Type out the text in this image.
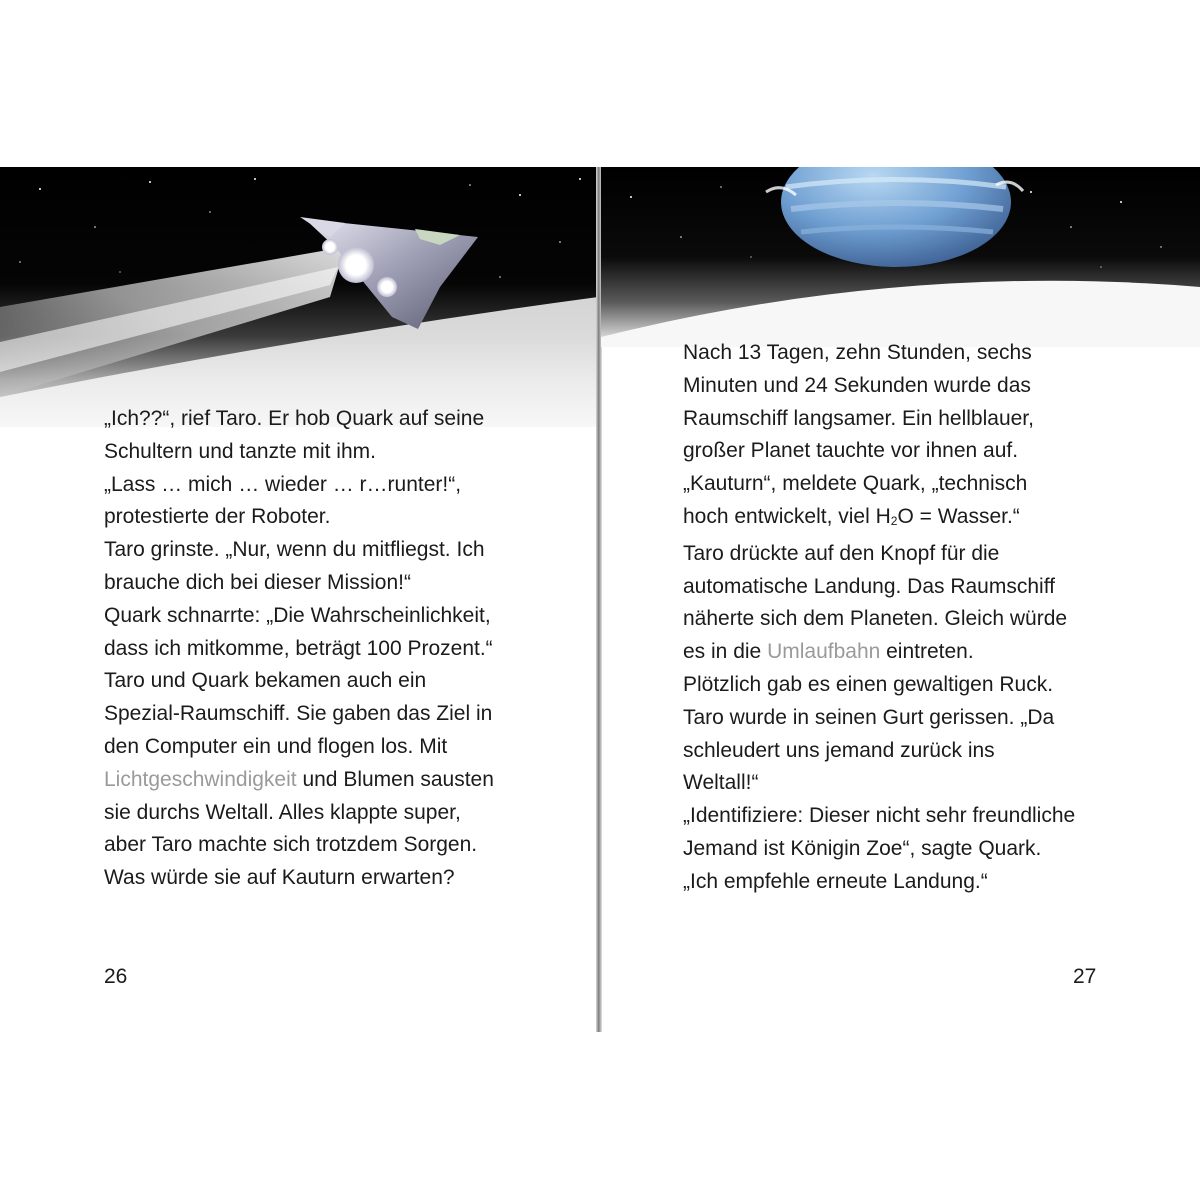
„Ich??“, rief Taro. Er hob Quark auf seine
Schultern und tanzte mit ihm.
„Lass … mich … wieder … r…runter!“,
protestierte der Roboter.
Taro grinste. „Nur, wenn du mitfliegst. Ich
brauche dich bei dieser Mission!“
Quark schnarrte: „Die Wahrscheinlichkeit,
dass ich mitkomme, beträgt 100 Prozent.“
Taro und Quark bekamen auch ein
Spezial-Raumschiff. Sie gaben das Ziel in
den Computer ein und flogen los. Mit
Lichtgeschwindigkeit und Blumen sausten
sie durchs Weltall. Alles klappte super,
aber Taro machte sich trotzdem Sorgen.
Was würde sie auf Kauturn erwarten?
26
Nach 13 Tagen, zehn Stunden, sechs
Minuten und 24 Sekunden wurde das
Raumschiff langsamer. Ein hellblauer,
großer Planet tauchte vor ihnen auf.
„Kauturn“, meldete Quark, „technisch
hoch entwickelt, viel $H_2O$ = Wasser.“
Taro drückte auf den Knopf für die
automatische Landung. Das Raumschiff
näherte sich dem Planeten. Gleich würde
es in die Umlaufbahn eintreten.
Plötzlich gab es einen gewaltigen Ruck.
Taro wurde in seinen Gurt gerissen. „Da
schleudert uns jemand zurück ins
Weltall!“
„Identifiziere: Dieser nicht sehr freundliche
Jemand ist Königin Zoe“, sagte Quark.
„Ich empfehle erneute Landung.“
27
